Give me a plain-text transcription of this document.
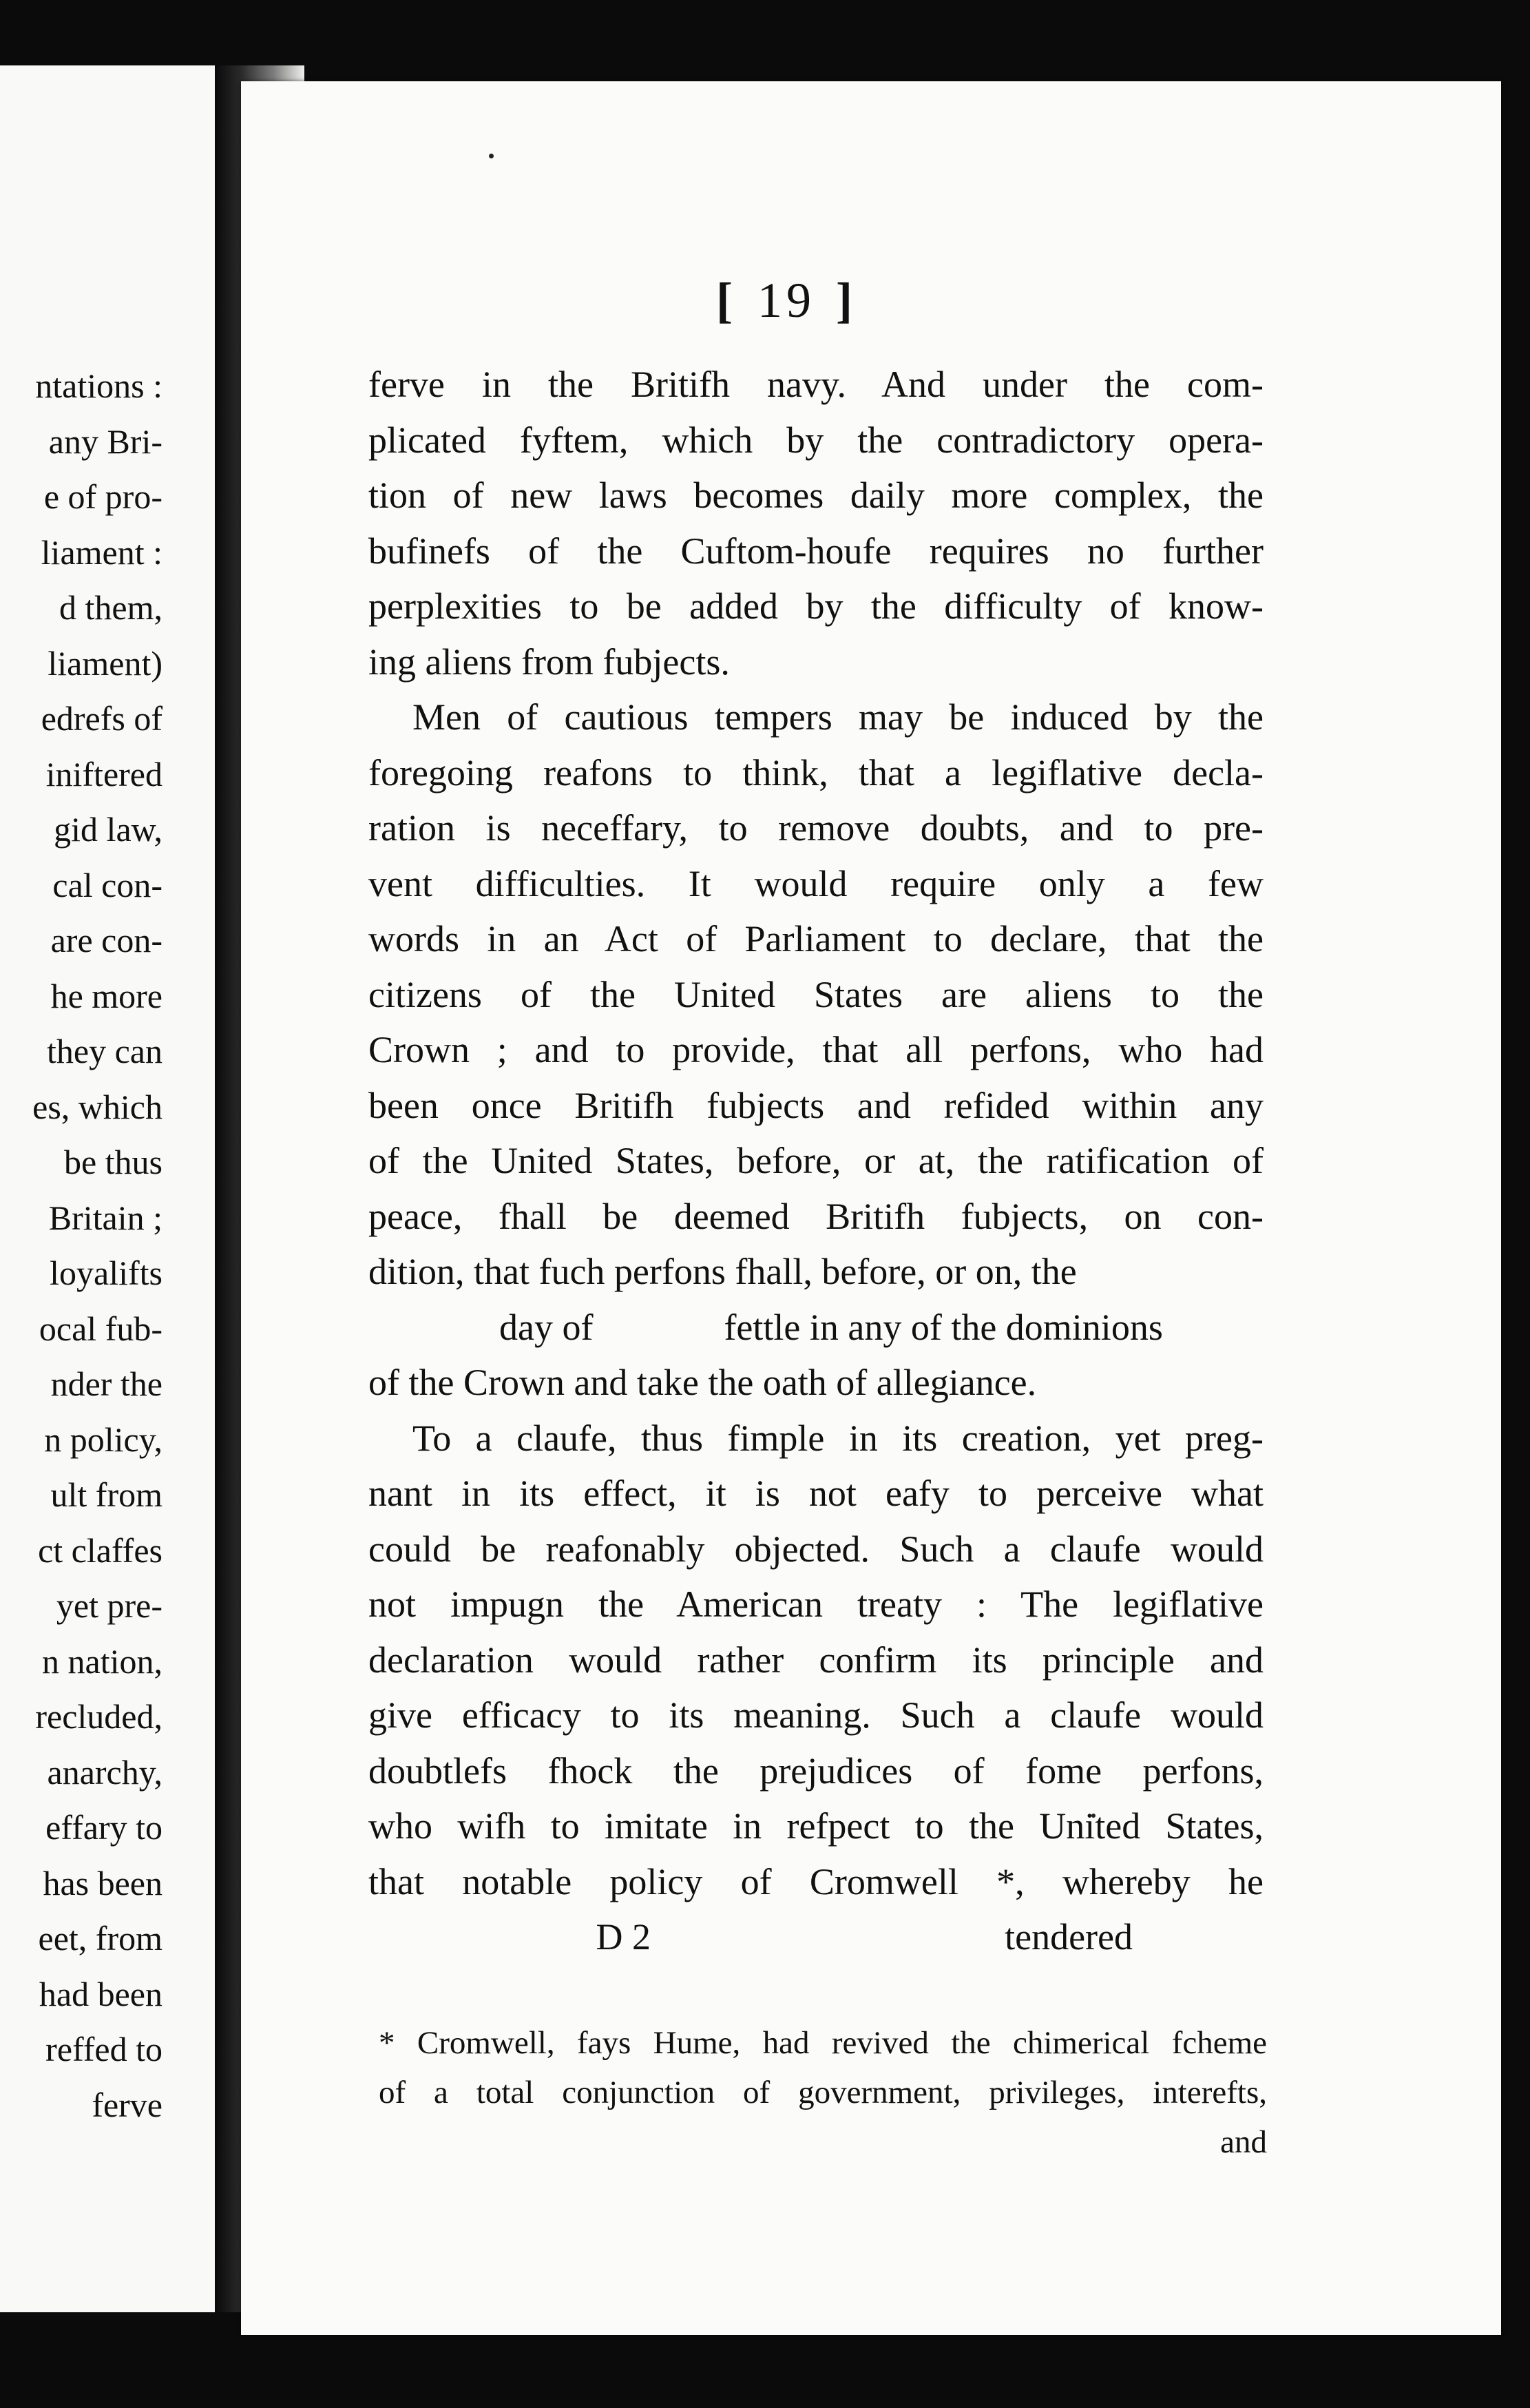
ntations :
any Bri-
e of pro-
liament :
d them,
liament)
edrefs of
iniftered
gid law,
cal con-
are con-
he more
they can
es, which
be thus
Britain ;
loyalifts
ocal fub-
nder the
n policy,
ult from
ct claffes
yet pre-
n nation,
recluded,
anarchy,
effary to
has been
eet, from
had been
reffed to
ferve
[ 19 ]
ferve in the Britifh navy. And under the com-
plicated fyftem, which by the contradictory opera-
tion of new laws becomes daily more complex, the
bufinefs of the Cuftom-houfe requires no further
perplexities to be added by the difficulty of know-
ing aliens from fubjects.
Men of cautious tempers may be induced by the
foregoing reafons to think, that a legiflative decla-
ration is neceffary, to remove doubts, and to pre-
vent difficulties. It would require only a few
words in an Act of Parliament to declare, that the
citizens of the United States are aliens to the
Crown ; and to provide, that all perfons, who had
been once Britifh fubjects and refided within any
of the United States, before, or at, the ratification of
peace, fhall be deemed Britifh fubjects, on con-
dition, that fuch perfons fhall, before, or on, the
day of	fettle in any of the dominions
of the Crown and take the oath of allegiance.
To a claufe, thus fimple in its creation, yet preg-
nant in its effect, it is not eafy to perceive what
could be reafonably objected. Such a claufe would
not impugn the American treaty : The legiflative
declaration would rather confirm its principle and
give efficacy to its meaning. Such a claufe would
doubtlefs fhock the prejudices of fome perfons,
who wifh to imitate in refpect to the United States,
that notable policy of Cromwell *, whereby he
D 2	tendered
* Cromwell, fays Hume, had revived the chimerical fcheme
of a total conjunction of government, privileges, interefts,
and
